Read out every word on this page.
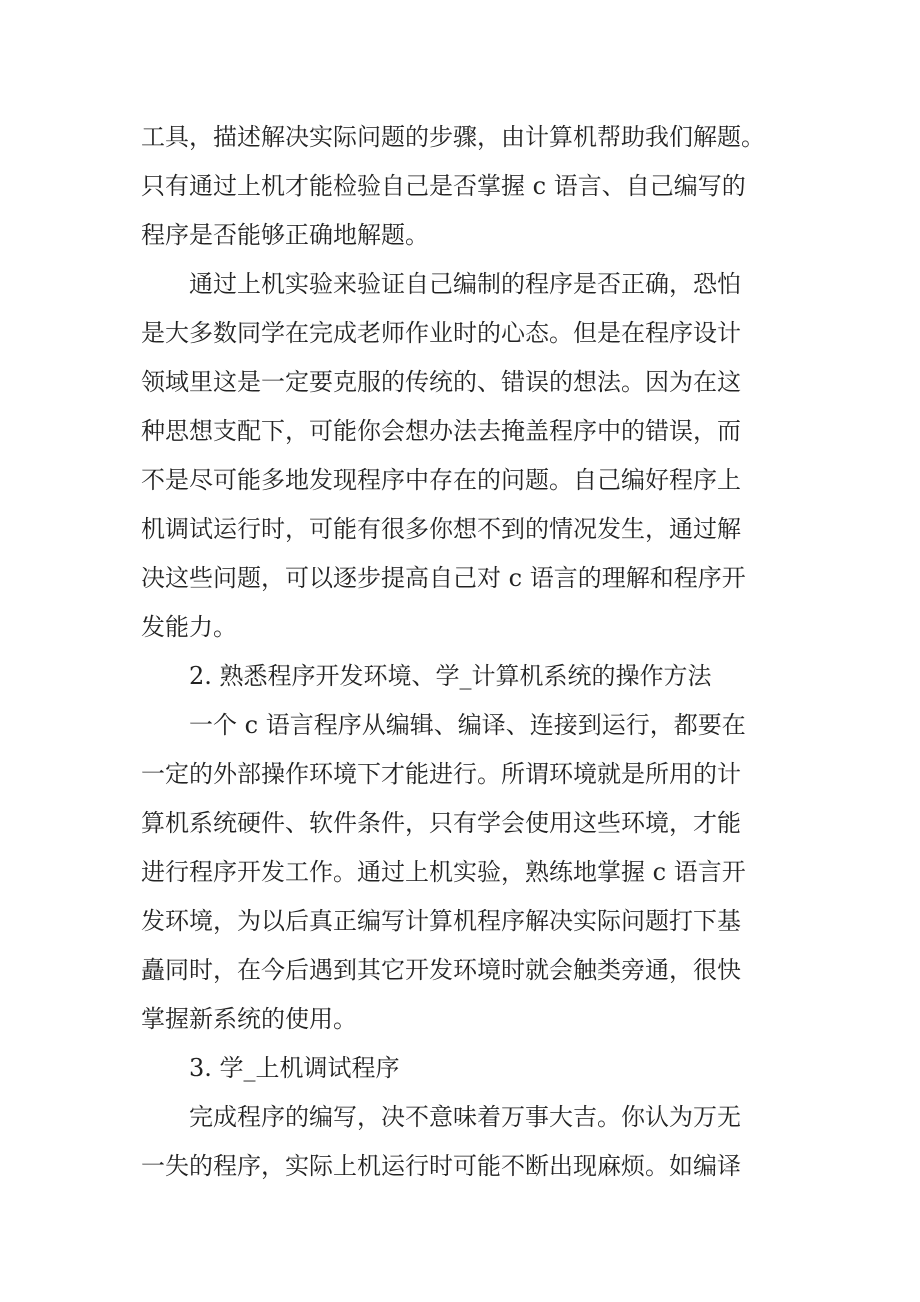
工具，描述解决实际问题的步骤，由计算机帮助我们解题。
只有通过上机才能检验自己是否掌握 c 语言、自己编写的
程序是否能够正确地解题。
通过上机实验来验证自己编制的程序是否正确，恐怕
是大多数同学在完成老师作业时的心态。但是在程序设计
领域里这是一定要克服的传统的、错误的想法。因为在这
种思想支配下，可能你会想办法去掩盖程序中的错误，而
不是尽可能多地发现程序中存在的问题。自己编好程序上
机调试运行时，可能有很多你想不到的情况发生，通过解
决这些问题，可以逐步提高自己对 c 语言的理解和程序开
发能力。
2. 熟悉程序开发环境、学_计算机系统的操作方法
一个 c 语言程序从编辑、编译、连接到运行，都要在
一定的外部操作环境下才能进行。所谓环境就是所用的计
算机系统硬件、软件条件，只有学会使用这些环境，才能
进行程序开发工作。通过上机实验，熟练地掌握 c 语言开
发环境，为以后真正编写计算机程序解决实际问题打下基
矗同时，在今后遇到其它开发环境时就会触类旁通，很快
掌握新系统的使用。
3. 学_上机调试程序
完成程序的编写，决不意味着万事大吉。你认为万无
一失的程序，实际上机运行时可能不断出现麻烦。如编译
